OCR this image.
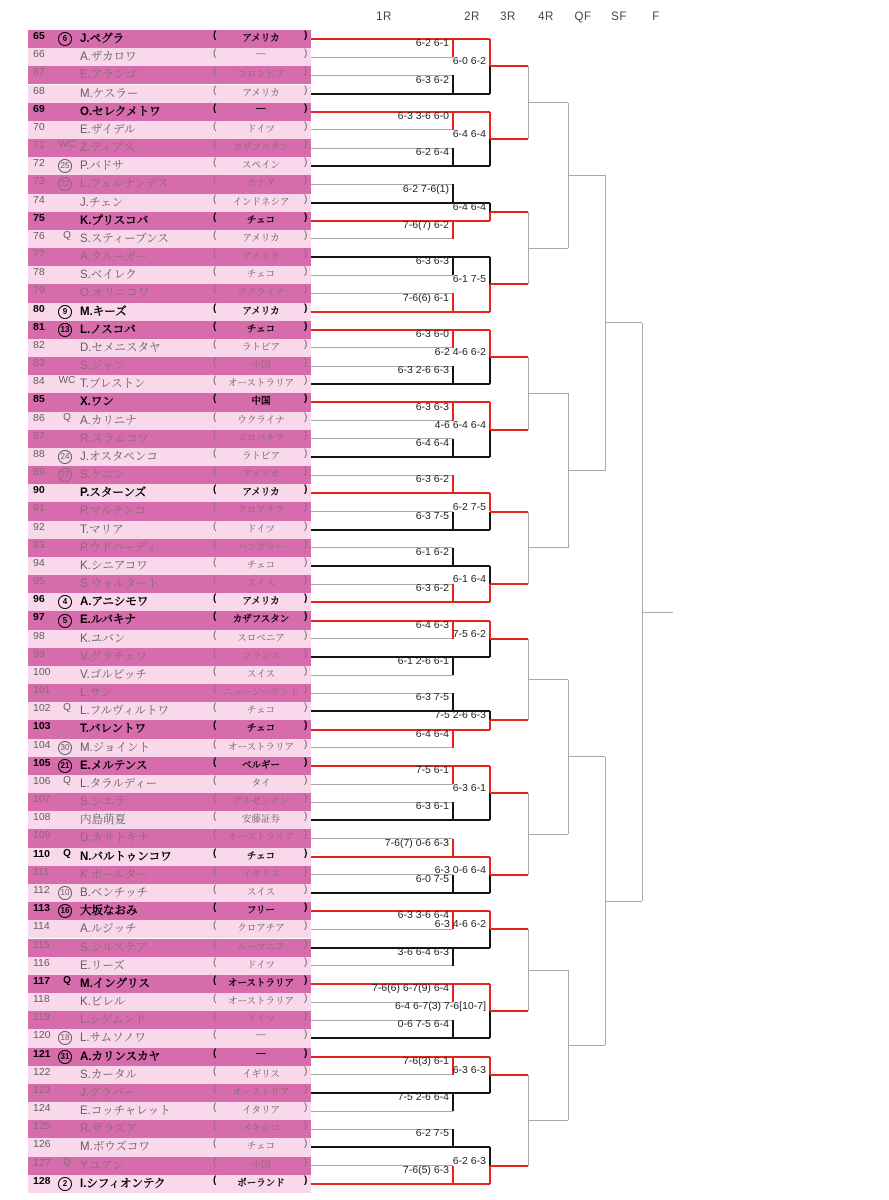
1R	2R 3R 4R QF SF F
65	6	J.ペグラ	(	アメリカ	)
66	A.ザカロワ	(	—	)
67	E.アランゴ	(	コロンビア	)
68	M.ケスラー	(	アメリカ	)
69	O.セレクメトワ	(	—	)
70	E.ザイデル	(	ドイツ	)
71	WC Z.ディアス	(	カザフスタン	)
72	25 P.バドサ	(	スペイン	)
73	22 L.フェルナンデス	(	カナダ	)
74	J.チェン	(	インドネシア	)
75	K.プリスコバ	(	チェコ	)
76	Q S.スティーブンス	(	アメリカ	)
77	A.クルーガー	(	アメリカ	)
78	S.ベイレク	(	チェコ	)
79	O.オリニコワ	(	ウクライナ	)
80	9	M.キーズ	(	アメリカ	)
81	13 L.ノスコバ	(	チェコ	)
82	D.セメニスタヤ	(	ラトビア	)
83	S.ジャン	(	中国	)
84	WC T.プレストン	(	オーストラリア )
85	X.ワン	(	中国	)
86	Q A.カリニナ	(	ウクライナ	)
87	R.スラムコワ	(	スロバキア	)
88	24 J.オスタペンコ	(	ラトビア	)
89	27 S.ケニン	(	アメリカ	)
90	P.スターンズ	(	アメリカ	)
91	P.マルチンコ	(	クロアチア	)
92	T.マリア	(	ドイツ	)
93	P.ウドバーディ	(	ハンガリー	)
94	K.シニアコワ	(	チェコ	)
95	S.ウォルタート	(	スイス	)
96	4	A.アニシモワ	(	アメリカ	)
97	5	E.ルバキナ	(	カザフスタン	)
98	K.ユバン	(	スロベニア	)
99	V.グラチェワ	(	フランス	)
100	V.ゴルビッチ	(	スイス	)
101	L.サン	( ニュージーランド )
102	Q L.フルヴィルトワ	(	チェコ	)
103	T.バレントワ	(	チェコ	)
104	30 M.ジョイント	(	オーストラリア )
105	21 E.メルテンス	(	ベルギー	)
106	Q L.タラルディー	(	タイ	)
107	S.シエラ	(	アルゼンチン	)
108	内島萌夏	(	安藤証券	)
109	D.カサトキナ	(	オーストラリア )
110	Q N.バルトゥンコワ	(	チェコ	)
111	K.ボールター	(	イギリス	)
112	10 B.ベンチッチ	(	スイス	)
113	16 大坂なおみ	(	フリー	)
114	A.ルジッチ	(	クロアチア	)
115	S.シルステア	(	ルーマニア	)
116	E.リーズ	(	ドイツ	)
117	Q M.イングリス	(	オーストラリア )
118	K.ビレル	(	オーストラリア )
119	L.シゲムンド	(	ドイツ	)
120	18 L.サムソノワ	(	—	)
121	31 A.カリンスカヤ	(	—	)
122	S.カータル	(	イギリス	)
123	J.グラバー	(	オーストリア	)
124	E.コッチャレット	(	イタリア	)
125	R.ザラズア	(	メキシコ	)
126	M.ボウズコワ	(	チェコ	)
127	Q Y.ユアン	(	中国	)
128	2	I.シフィオンテク	(	ポーランド	)
6-2 6-1
6-3 6-2
6-3 3-6 6-0
6-2 6-4
6-2 7-6(1)
7-6(7) 6-2
6-3 6-3
7-6(6) 6-1
6-3 6-0
6-3 2-6 6-3
6-3 6-3
6-4 6-4
6-3 6-2
6-3 7-5
6-1 6-2
6-3 6-2
6-4 6-3
6-1 2-6 6-1
6-3 7-5
6-4 6-4
7-5 6-1
6-3 6-1
7-6(7) 0-6 6-3
6-0 7-5
6-3 3-6 6-4
3-6 6-4 6-3
7-6(6) 6-7(9) 6-4
0-6 7-5 6-4
7-6(3) 6-1
7-5 2-6 6-4
6-2 7-5
7-6(5) 6-3
6-0 6-2
6-4 6-4
6-4 6-4
6-1 7-5
6-2 4-6 6-2
4-6 6-4 6-4
6-2 7-5
6-1 6-4
7-5 6-2
7-5 2-6 6-3
6-3 6-1
6-3 0-6 6-4
6-3 4-6 6-2
6-4 6-7(3) 7-6[10-7]
6-3 6-3
6-2 6-3
